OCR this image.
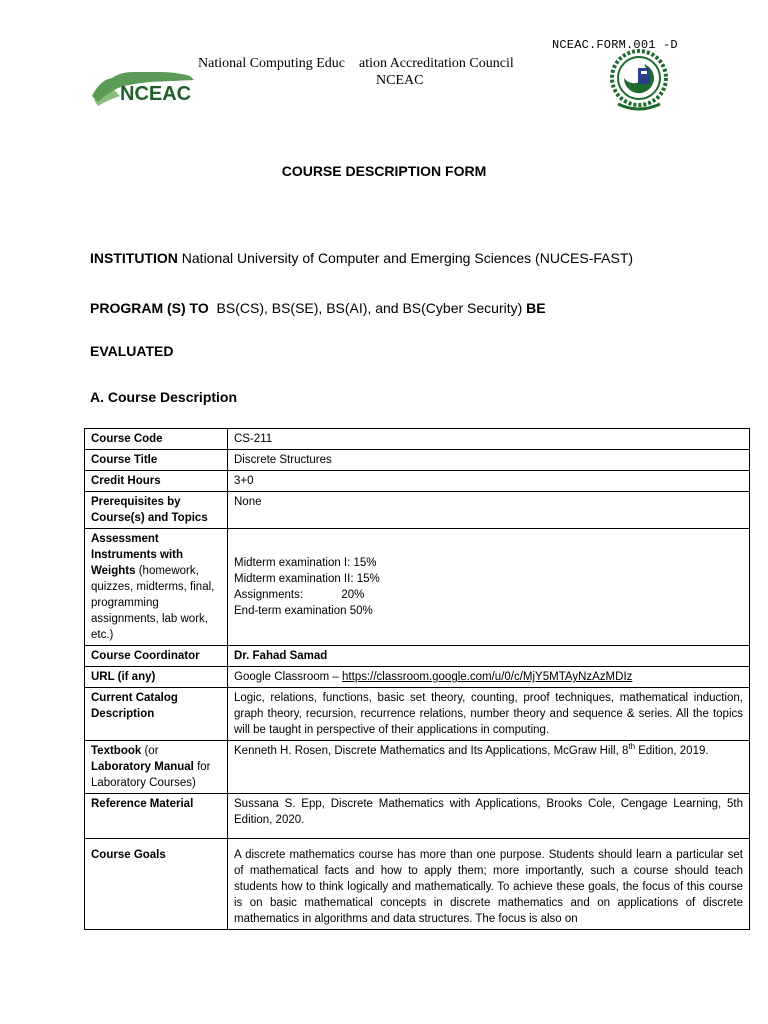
NCEAC.FORM.001 -D
National Computing Educ    ation Accreditation Council
NCEAC
NCEAC
COURSE DESCRIPTION FORM
INSTITUTION National University of Computer and Emerging Sciences (NUCES-FAST)
PROGRAM (S) TO BS(CS), BS(SE), BS(AI), and BS(Cyber Security) BE
EVALUATED
A. Course Description
Course Code	CS-211
Course Title	Discrete Structures
Credit Hours	3+0
Prerequisites by Course(s) and Topics	None
Assessment Instruments with Weights (homework, quizzes, midterms, final, programming assignments, lab work, etc.)	Midterm examination I: 15%
Midterm examination II: 15%
Assignments:            20%
End-term examination 50%

Course Coordinator	Dr. Fahad Samad
URL (if any)	Google Classroom – https://classroom.google.com/u/0/c/MjY5MTAyNzAzMDIz
Current Catalog Description	Logic, relations, functions, basic set theory, counting, proof techniques, mathematical induction, graph theory, recursion, recurrence relations, number theory and sequence & series. All the topics will be taught in perspective of their applications in computing.
Textbook (or Laboratory Manual for Laboratory Courses)	Kenneth H. Rosen, Discrete Mathematics and Its Applications, McGraw Hill, 8th Edition, 2019.
Reference Material	Sussana S. Epp, Discrete Mathematics with Applications, Brooks Cole, Cengage Learning, 5th Edition, 2020.
Course Goals	A discrete mathematics course has more than one purpose. Students should learn a particular set of mathematical facts and how to apply them; more importantly, such a course should teach students how to think logically and mathematically. To achieve these goals, the focus of this course is on basic mathematical concepts in discrete mathematics and on applications of discrete mathematics in algorithms and data structures. The focus is also on
